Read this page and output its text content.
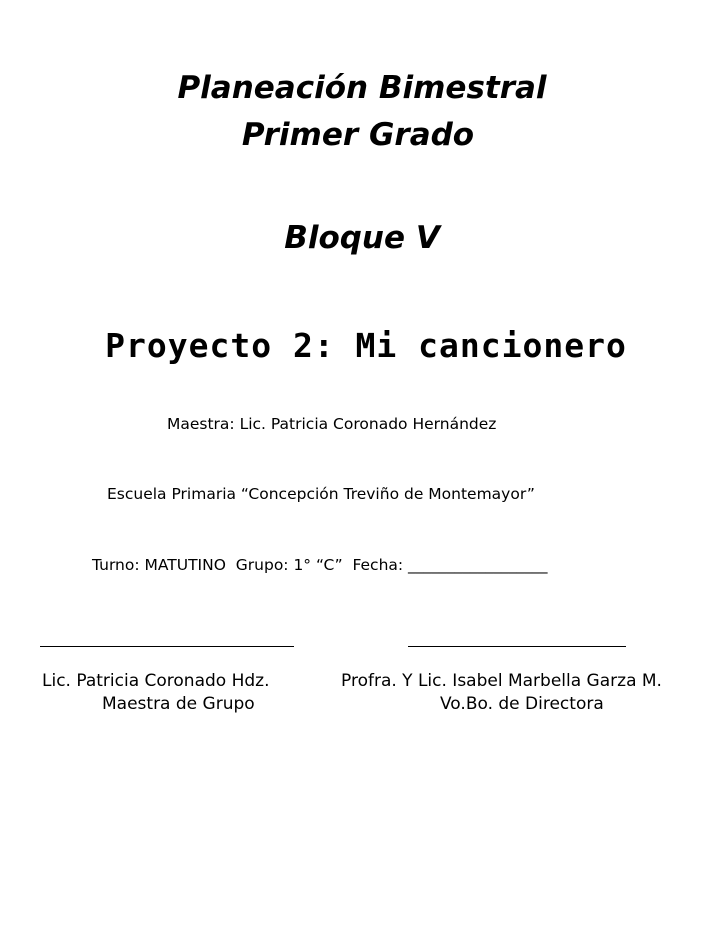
Planeación Bimestral
Primer Grado
Bloque V
Proyecto 2: Mi cancionero
Maestra: Lic. Patricia Coronado Hernández
Escuela Primaria “Concepción Treviño de Montemayor”
Turno: MATUTINO  Grupo: 1° “C”  Fecha: __________________
Lic. Patricia Coronado Hdz.
Maestra de Grupo
Profra. Y Lic. Isabel Marbella Garza M.
Vo.Bo. de Directora
